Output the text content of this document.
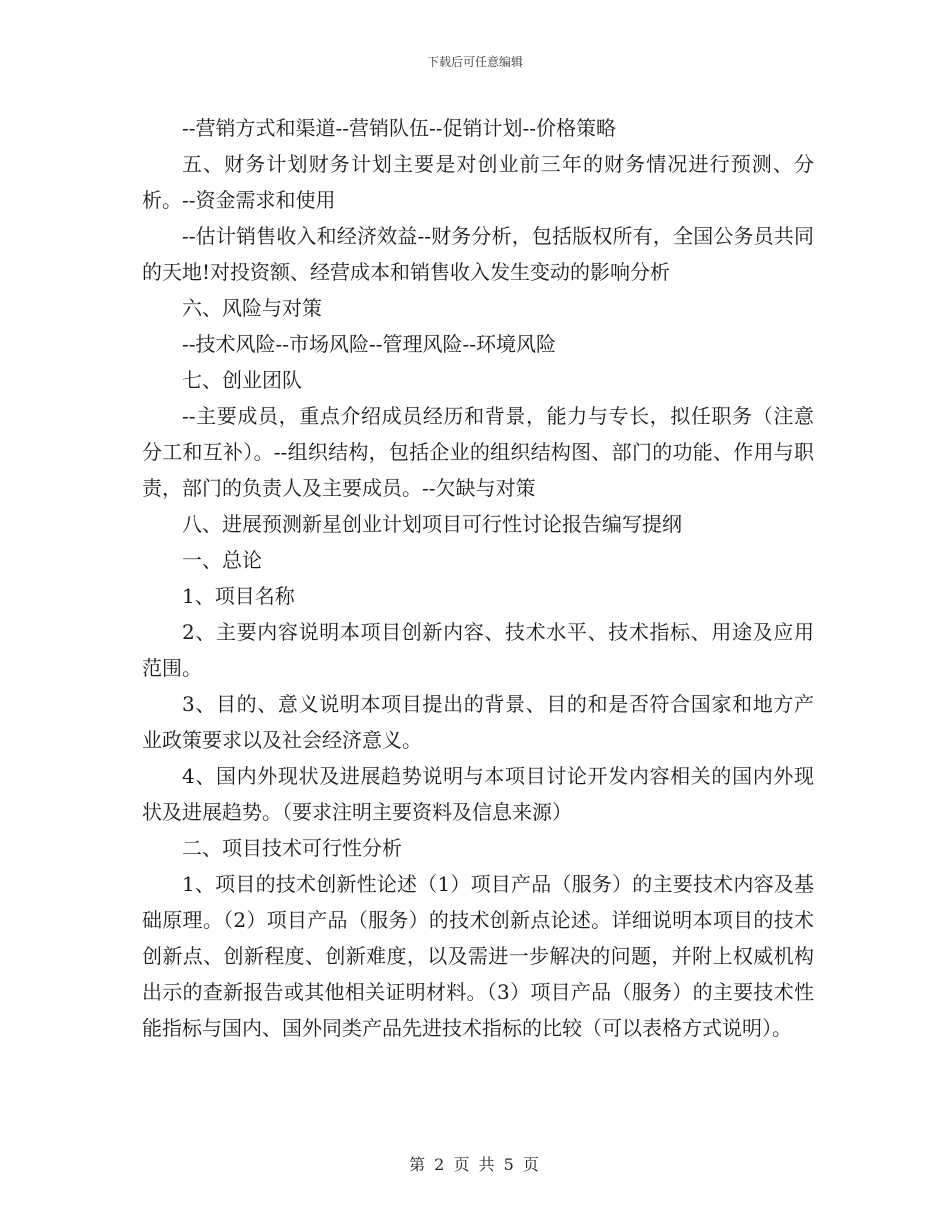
下载后可任意编辑

--营销方式和渠道--营销队伍--促销计划--价格策略

五、财务计划财务计划主要是对创业前三年的财务情况进行预测、分析。--资金需求和使用

--估计销售收入和经济效益--财务分析，包括版权所有，全国公务员共同的天地!对投资额、经营成本和销售收入发生变动的影响分析

六、风险与对策

--技术风险--市场风险--管理风险--环境风险

七、创业团队

--主要成员，重点介绍成员经历和背景，能力与专长，拟任职务（注意分工和互补）。--组织结构，包括企业的组织结构图、部门的功能、作用与职责，部门的负责人及主要成员。--欠缺与对策

八、进展预测新星创业计划项目可行性讨论报告编写提纲

一、总论

1、项目名称

2、主要内容说明本项目创新内容、技术水平、技术指标、用途及应用范围。

3、目的、意义说明本项目提出的背景、目的和是否符合国家和地方产业政策要求以及社会经济意义。

4、国内外现状及进展趋势说明与本项目讨论开发内容相关的国内外现状及进展趋势。（要求注明主要资料及信息来源）

二、项目技术可行性分析

1、项目的技术创新性论述（1）项目产品（服务）的主要技术内容及基础原理。（2）项目产品（服务）的技术创新点论述。详细说明本项目的技术创新点、创新程度、创新难度，以及需进一步解决的问题，并附上权威机构出示的查新报告或其他相关证明材料。（3）项目产品（服务）的主要技术性能指标与国内、国外同类产品先进技术指标的比较（可以表格方式说明）。

第 2 页 共 5 页
